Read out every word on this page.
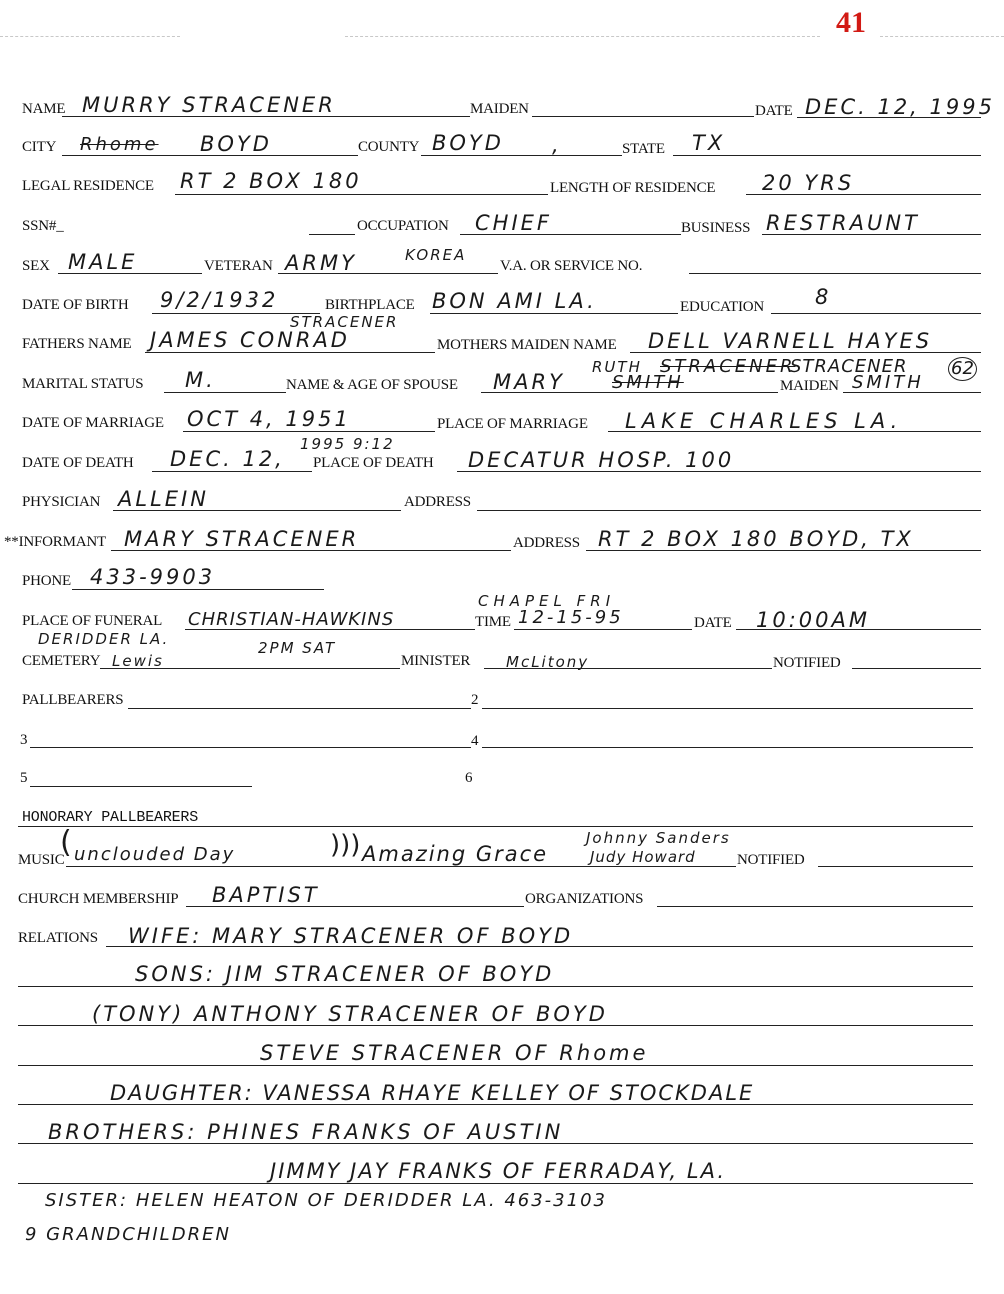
41
NAME MURRY STRACENER	MAIDEN	DATE DEC. 12, 1995
CITY Rhome BOYD	COUNTY BOYD ,	STATE TX
LEGAL RESIDENCE RT 2 BOX 180	LENGTH OF RESIDENCE 20 YRS
SSN#_	OCCUPATION CHIEF	BUSINESS RESTRAUNT
SEX MALE	VETERAN ARMY	KOREA
V.A. OR SERVICE NO.
DATE OF BIRTH 9/2/1932	BIRTHPLACE BON AMI LA.	EDUCATION 8
STRACENER
FATHERS NAME JAMES CONRAD	MOTHERS MAIDEN NAME DELL VARNELL HAYES
RUTH STRACENER
STRACENER 62
MARITAL STATUS M.	NAME & AGE OF SPOUSE MARY	SMITH	MAIDEN SMITH
DATE OF MARRIAGE OCT 4, 1951	PLACE OF MARRIAGE LAKE CHARLES LA.
1995 9:12
DATE OF DEATH DEC. 12, PLACE OF DEATH DECATUR HOSP. 100
PHYSICIAN ALLEIN	ADDRESS
**INFORMANT MARY STRACENER	ADDRESS RT 2 BOX 180 BOYD, TX
PHONE 433-9903
CHAPEL FRI
PLACE OF FUNERAL CHRISTIAN-HAWKINS	TIME 12-15-95	DATE 10:00AM
DERIDDER LA.	2PM SAT
CEMETERY Lewis	MINISTER McLitony	NOTIFIED
PALLBEARERS	2
3	4
5	6
HONORARY PALLBEARERS
Johnny Sanders
MUSIC
( unclouded Day	))) Amazing Grace	Judy Howard	NOTIFIED
CHURCH MEMBERSHIP BAPTIST	ORGANIZATIONS
RELATIONS WIFE: MARY STRACENER OF BOYD
SONS: JIM STRACENER OF BOYD
(TONY) ANTHONY STRACENER OF BOYD
STEVE STRACENER OF Rhome
DAUGHTER: VANESSA RHAYE KELLEY OF STOCKDALE
BROTHERS: PHINES FRANKS OF AUSTIN
JIMMY JAY FRANKS OF FERRADAY, LA.
SISTER: HELEN HEATON OF DERIDDER LA. 463-3103
9 GRANDCHILDREN
